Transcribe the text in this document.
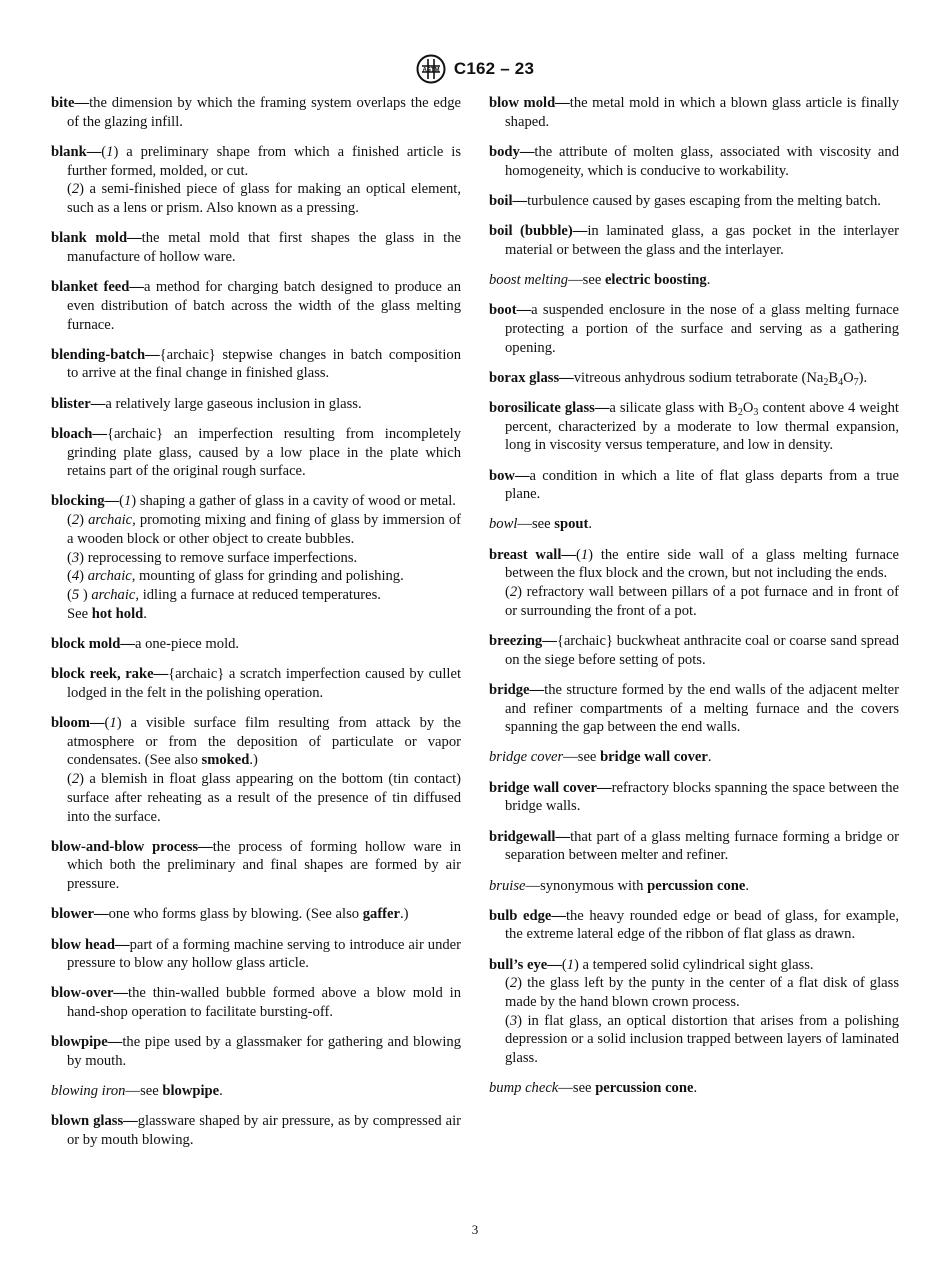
ASTM C162 – 23

bite—the dimension by which the framing system overlaps the edge of the glazing infill.

blank—(1) a preliminary shape from which a finished article is further formed, molded, or cut.

(2) a semi-finished piece of glass for making an optical element, such as a lens or prism. Also known as a pressing.

blank mold—the metal mold that first shapes the glass in the manufacture of hollow ware.

blanket feed—a method for charging batch designed to produce an even distribution of batch across the width of the glass melting furnace.

blending-batch—{archaic} stepwise changes in batch composition to arrive at the final change in finished glass.

blister—a relatively large gaseous inclusion in glass.

bloach—{archaic} an imperfection resulting from incompletely grinding plate glass, caused by a low place in the plate which retains part of the original rough surface.

blocking—(1) shaping a gather of glass in a cavity of wood or metal.

(2) archaic, promoting mixing and fining of glass by immersion of a wooden block or other object to create bubbles.

(3) reprocessing to remove surface imperfections.

(4) archaic, mounting of glass for grinding and polishing.

(5 ) archaic, idling a furnace at reduced temperatures.

See hot hold.

block mold—a one-piece mold.

block reek, rake—{archaic} a scratch imperfection caused by cullet lodged in the felt in the polishing operation.

bloom—(1) a visible surface film resulting from attack by the atmosphere or from the deposition of particulate or vapor condensates. (See also smoked.)

(2) a blemish in float glass appearing on the bottom (tin contact) surface after reheating as a result of the presence of tin diffused into the surface.

blow-and-blow process—the process of forming hollow ware in which both the preliminary and final shapes are formed by air pressure.

blower—one who forms glass by blowing. (See also gaffer.)

blow head—part of a forming machine serving to introduce air under pressure to blow any hollow glass article.

blow-over—the thin-walled bubble formed above a blow mold in hand-shop operation to facilitate bursting-off.

blowpipe—the pipe used by a glassmaker for gathering and blowing by mouth.

blowing iron—see blowpipe.

blown glass—glassware shaped by air pressure, as by compressed air or by mouth blowing.

blow mold—the metal mold in which a blown glass article is finally shaped.

body—the attribute of molten glass, associated with viscosity and homogeneity, which is conducive to workability.

boil—turbulence caused by gases escaping from the melting batch.

boil (bubble)—in laminated glass, a gas pocket in the interlayer material or between the glass and the interlayer.

boost melting—see electric boosting.

boot—a suspended enclosure in the nose of a glass melting furnace protecting a portion of the surface and serving as a gathering opening.

borax glass—vitreous anhydrous sodium tetraborate $(Na_2B_4O_7)$.

borosilicate glass—a silicate glass with $B_2O_3$ content above 4 weight percent, characterized by a moderate to low thermal expansion, long in viscosity versus temperature, and low in density.

bow—a condition in which a lite of flat glass departs from a true plane.

bowl—see spout.

breast wall—(1) the entire side wall of a glass melting furnace between the flux block and the crown, but not including the ends.

(2) refractory wall between pillars of a pot furnace and in front of or surrounding the front of a pot.

breezing—{archaic} buckwheat anthracite coal or coarse sand spread on the siege before setting of pots.

bridge—the structure formed by the end walls of the adjacent melter and refiner compartments of a melting furnace and the covers spanning the gap between the end walls.

bridge cover—see bridge wall cover.

bridge wall cover—refractory blocks spanning the space between the bridge walls.

bridgewall—that part of a glass melting furnace forming a bridge or separation between melter and refiner.

bruise—synonymous with percussion cone.

bulb edge—the heavy rounded edge or bead of glass, for example, the extreme lateral edge of the ribbon of flat glass as drawn.

bull’s eye—(1) a tempered solid cylindrical sight glass.

(2) the glass left by the punty in the center of a flat disk of glass made by the hand blown crown process.

(3) in flat glass, an optical distortion that arises from a polishing depression or a solid inclusion trapped between layers of laminated glass.

bump check—see percussion cone.

3
